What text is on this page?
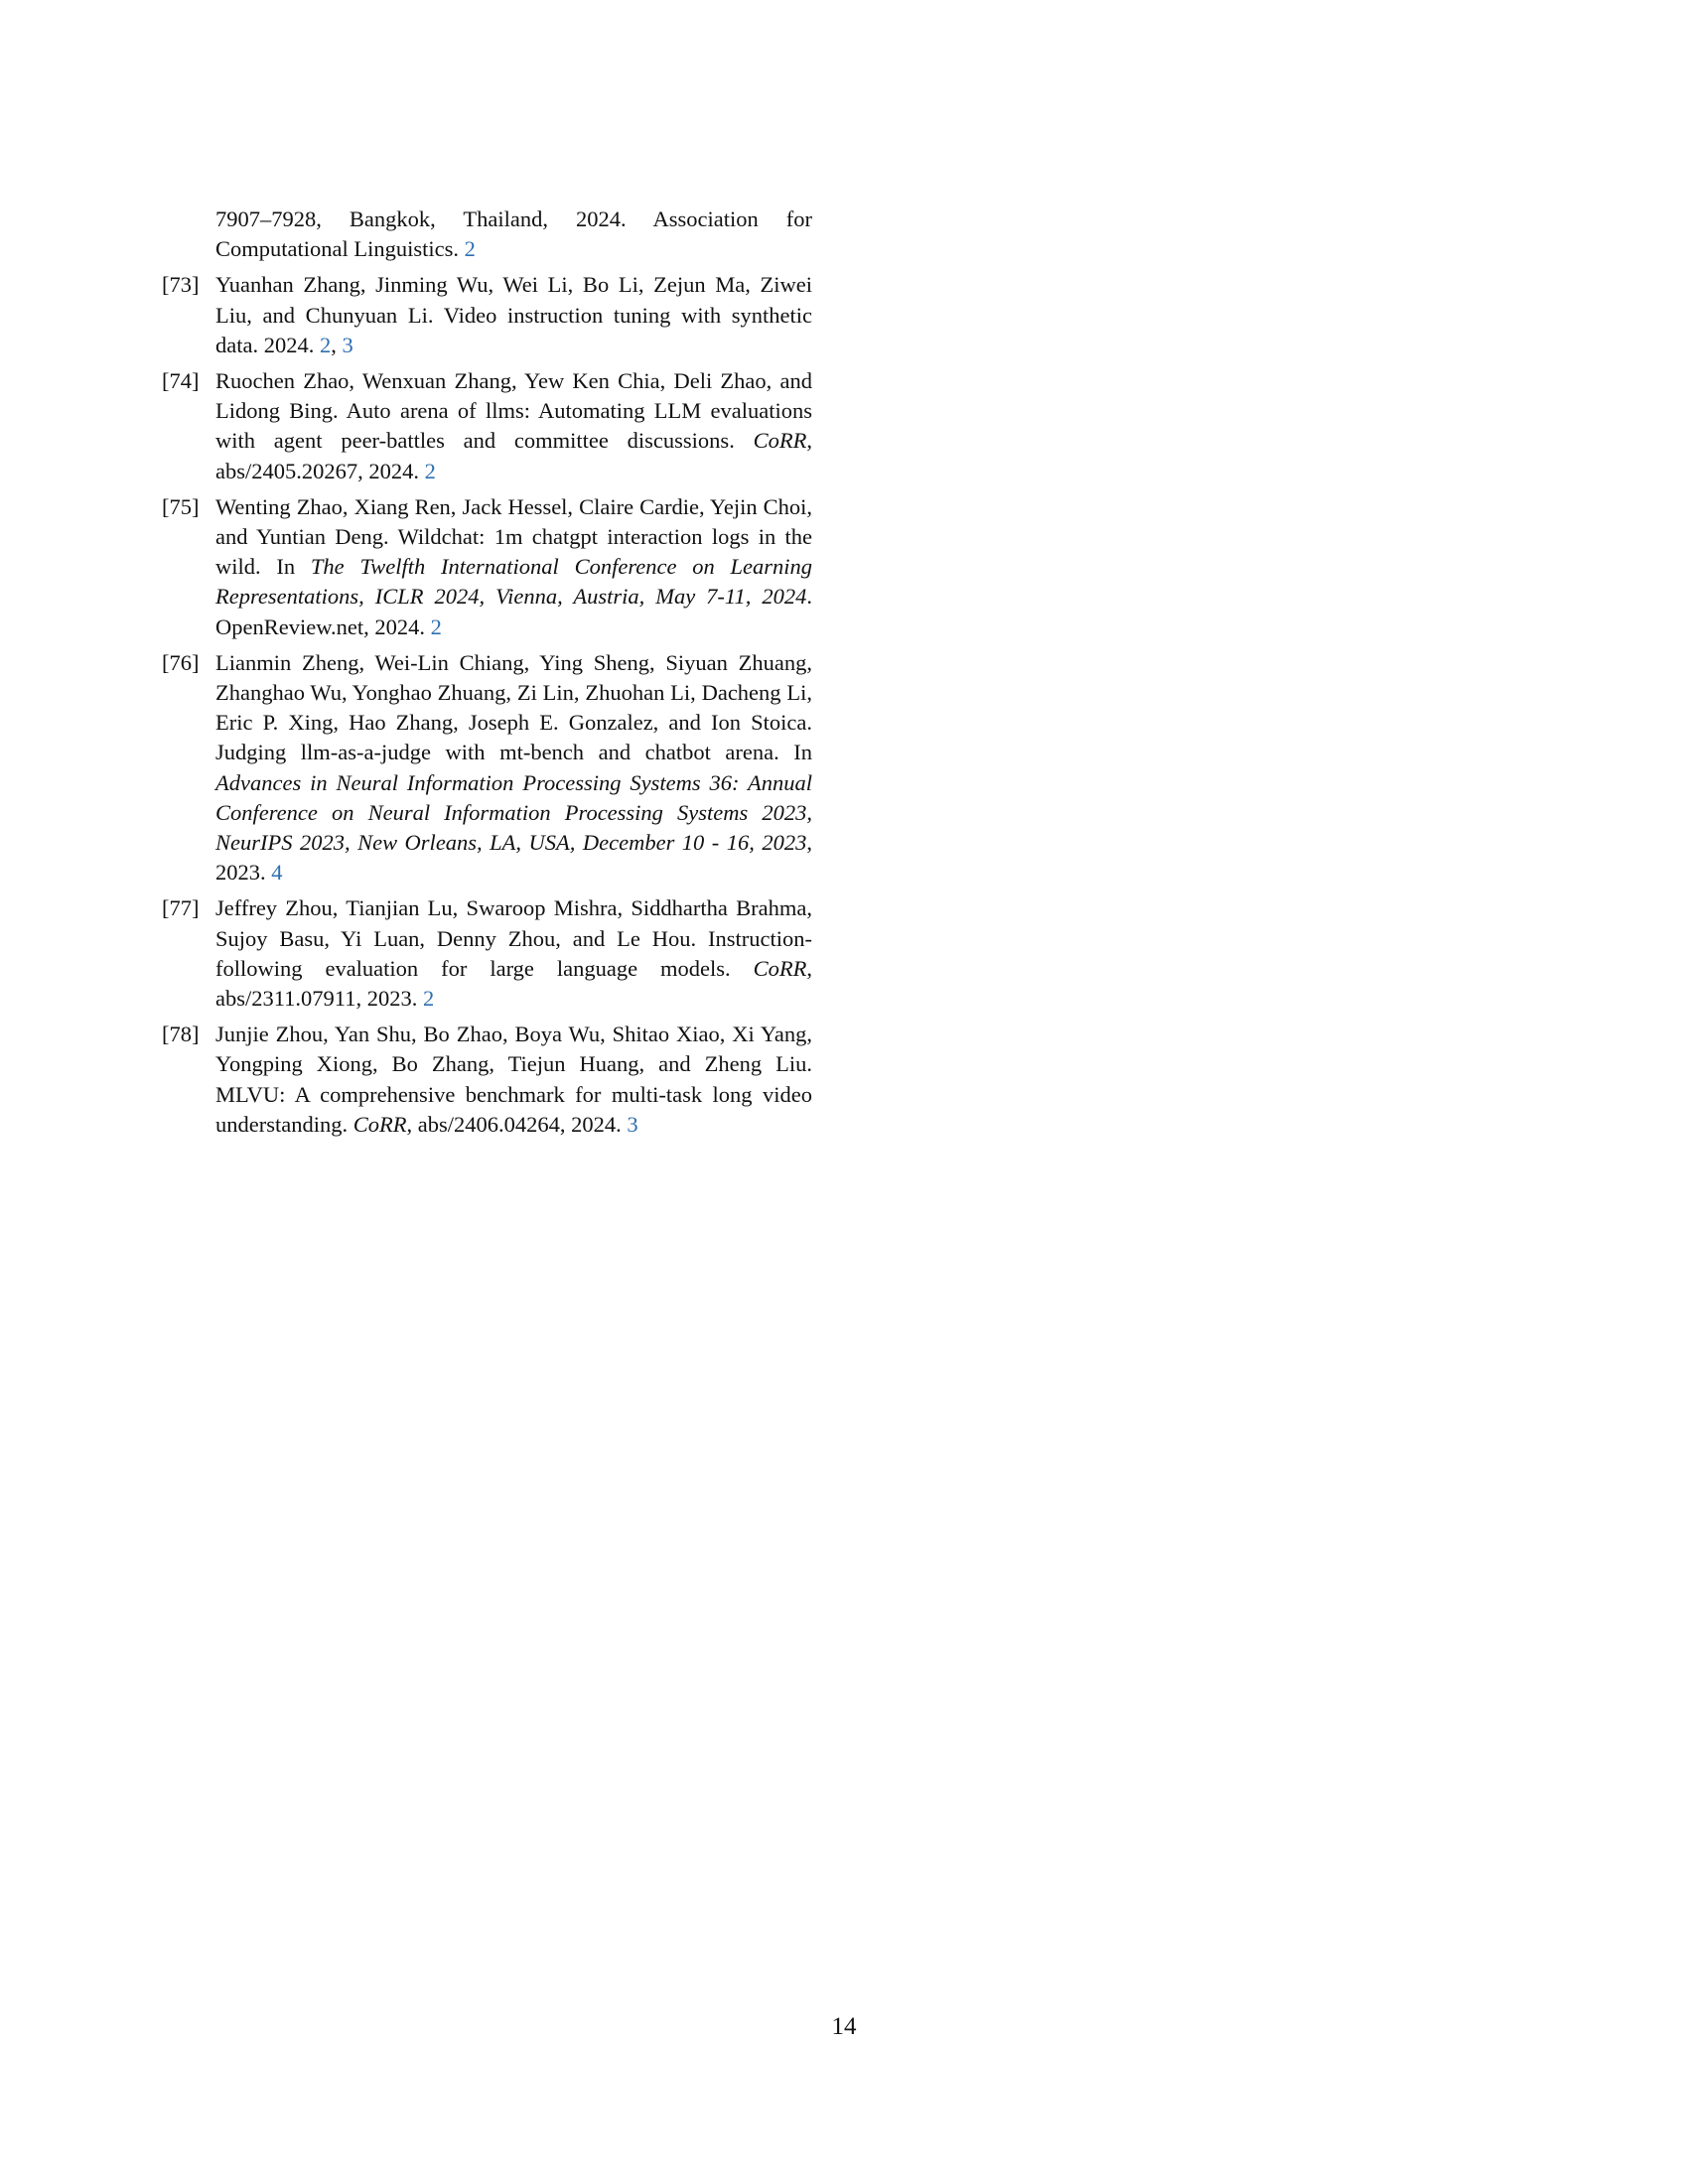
7907–7928, Bangkok, Thailand, 2024. Association for Computational Linguistics. 2
[73] Yuanhan Zhang, Jinming Wu, Wei Li, Bo Li, Zejun Ma, Ziwei Liu, and Chunyuan Li. Video instruction tuning with synthetic data. 2024. 2, 3
[74] Ruochen Zhao, Wenxuan Zhang, Yew Ken Chia, Deli Zhao, and Lidong Bing. Auto arena of llms: Automating LLM evaluations with agent peer-battles and committee discussions. CoRR, abs/2405.20267, 2024. 2
[75] Wenting Zhao, Xiang Ren, Jack Hessel, Claire Cardie, Yejin Choi, and Yuntian Deng. Wildchat: 1m chatgpt interaction logs in the wild. In The Twelfth International Conference on Learning Representations, ICLR 2024, Vienna, Austria, May 7-11, 2024. OpenReview.net, 2024. 2
[76] Lianmin Zheng, Wei-Lin Chiang, Ying Sheng, Siyuan Zhuang, Zhanghao Wu, Yonghao Zhuang, Zi Lin, Zhuohan Li, Dacheng Li, Eric P. Xing, Hao Zhang, Joseph E. Gonzalez, and Ion Stoica. Judging llm-as-a-judge with mt-bench and chatbot arena. In Advances in Neural Information Processing Systems 36: Annual Conference on Neural Information Processing Systems 2023, NeurIPS 2023, New Orleans, LA, USA, December 10 - 16, 2023, 2023. 4
[77] Jeffrey Zhou, Tianjian Lu, Swaroop Mishra, Siddhartha Brahma, Sujoy Basu, Yi Luan, Denny Zhou, and Le Hou. Instruction-following evaluation for large language models. CoRR, abs/2311.07911, 2023. 2
[78] Junjie Zhou, Yan Shu, Bo Zhao, Boya Wu, Shitao Xiao, Xi Yang, Yongping Xiong, Bo Zhang, Tiejun Huang, and Zheng Liu. MLVU: A comprehensive benchmark for multi-task long video understanding. CoRR, abs/2406.04264, 2024. 3
14
